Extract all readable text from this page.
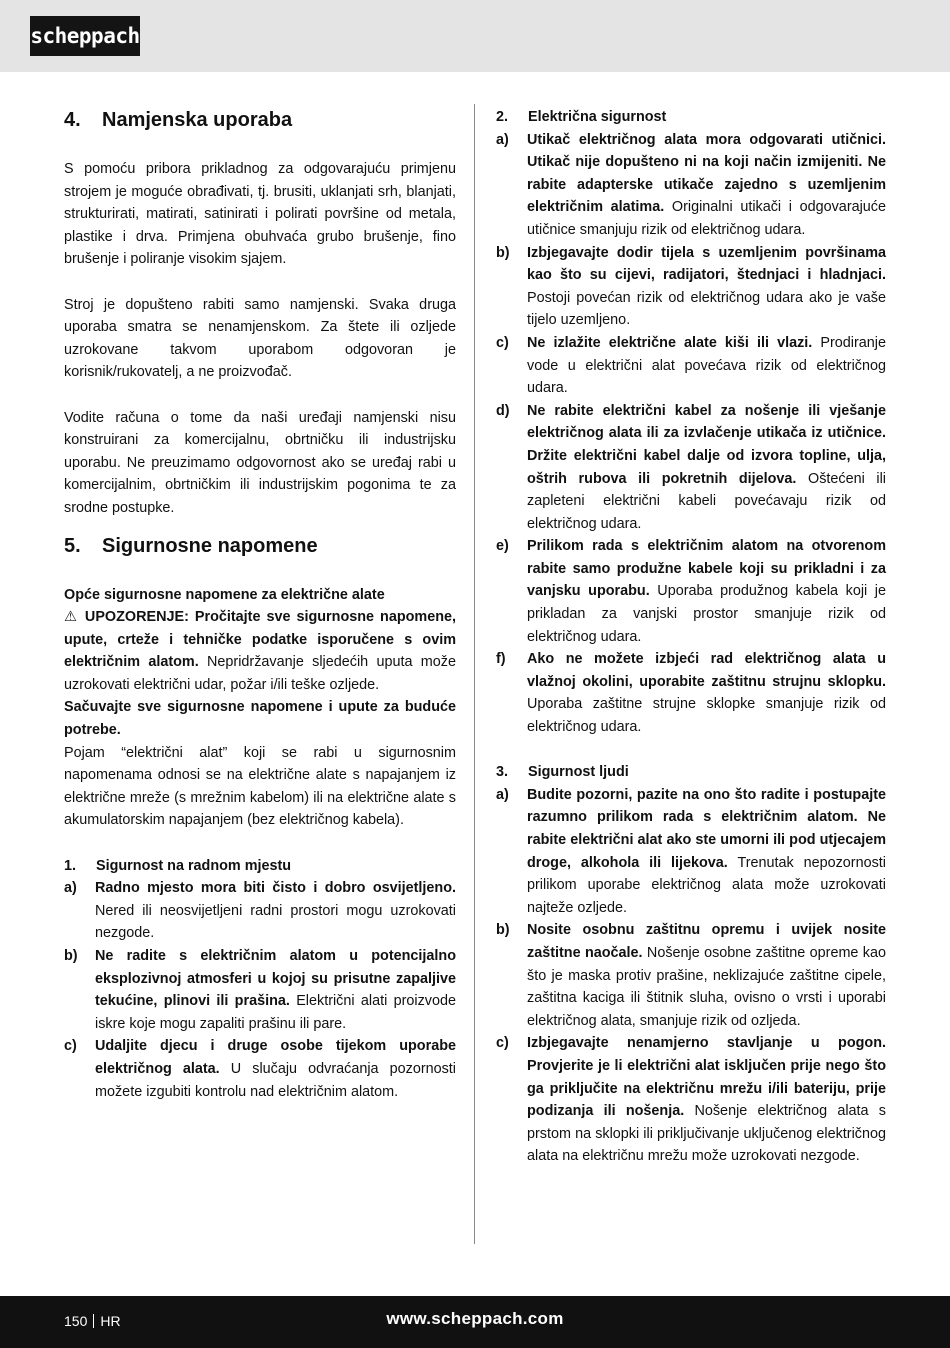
scheppach
4. Namjenska uporaba

S pomoću pribora prikladnog za odgovarajuću primjenu strojem je moguće obrađivati, tj. brusiti, uklanjati srh, blanjati, strukturirati, matirati, satinirati i polirati površine od metala, plastike i drva. Primjena obuhvaća grubo brušenje, fino brušenje i poliranje visokim sjajem.

Stroj je dopušteno rabiti samo namjenski. Svaka druga uporaba smatra se nenamjenskom. Za štete ili ozljede uzrokovane takvom uporabom odgovoran je korisnik/rukovatelj, a ne proizvođač.

Vodite računa o tome da naši uređaji namjenski nisu konstruirani za komercijalnu, obrtničku ili industrijsku uporabu. Ne preuzimamo odgovornost ako se uređaj rabi u komercijalnim, obrtničkim ili industrijskim pogonima te za srodne postupke.

5. Sigurnosne napomene

Opće sigurnosne napomene za električne alate

⚠ UPOZORENJE: Pročitajte sve sigurnosne napomene, upute, crteže i tehničke podatke isporučene s ovim električnim alatom. Nepridržavanje sljedećih uputa može uzrokovati električni udar, požar i/ili teške ozljede.

Sačuvajte sve sigurnosne napomene i upute za buduće potrebe.

Pojam “električni alat” koji se rabi u sigurnosnim napomenama odnosi se na električne alate s napajanjem iz električne mreže (s mrežnim kabelom) ili na električne alate s akumulatorskim napajanjem (bez električnog kabela).

1.	Sigurnost na radnom mjestu

a)	Radno mjesto mora biti čisto i dobro osvijetljeno. Nered ili neosvijetljeni radni prostori mogu uzrokovati nezgode.
b)	Ne radite s električnim alatom u potencijalno eksplozivnoj atmosferi u kojoj su prisutne zapaljive tekućine, plinovi ili prašina. Električni alati proizvode iskre koje mogu zapaliti prašinu ili pare.
c)	Udaljite djecu i druge osobe tijekom uporabe električnog alata. U slučaju odvraćanja pozornosti možete izgubiti kontrolu nad električnim alatom.

2.	Električna sigurnost

a)	Utikač električnog alata mora odgovarati utičnici. Utikač nije dopušteno ni na koji način izmijeniti. Ne rabite adapterske utikače zajedno s uzemljenim električnim alatima. Originalni utikači i odgovarajuće utičnice smanjuju rizik od električnog udara.
b)	Izbjegavajte dodir tijela s uzemljenim površinama kao što su cijevi, radijatori, štednjaci i hladnjaci. Postoji povećan rizik od električnog udara ako je vaše tijelo uzemljeno.
c)	Ne izlažite električne alate kiši ili vlazi. Prodiranje vode u električni alat povećava rizik od električnog udara.
d)	Ne rabite električni kabel za nošenje ili vješanje električnog alata ili za izvlačenje utikača iz utičnice. Držite električni kabel dalje od izvora topline, ulja, oštrih rubova ili pokretnih dijelova. Oštećeni ili zapleteni električni kabeli povećavaju rizik od električnog udara.
e)	Prilikom rada s električnim alatom na otvorenom rabite samo produžne kabele koji su prikladni i za vanjsku uporabu. Uporaba produžnog kabela koji je prikladan za vanjski prostor smanjuje rizik od električnog udara.
f)	Ako ne možete izbjeći rad električnog alata u vlažnoj okolini, uporabite zaštitnu strujnu sklopku. Uporaba zaštitne strujne sklopke smanjuje rizik od električnog udara.

3.	Sigurnost ljudi

a)	Budite pozorni, pazite na ono što radite i postupajte razumno prilikom rada s električnim alatom. Ne rabite električni alat ako ste umorni ili pod utjecajem droge, alkohola ili lijekova. Trenutak nepozornosti prilikom uporabe električnog alata može uzrokovati najteže ozljede.
b)	Nosite osobnu zaštitnu opremu i uvijek nosite zaštitne naočale. Nošenje osobne zaštitne opreme kao što je maska protiv prašine, neklizajuće zaštitne cipele, zaštitna kaciga ili štitnik sluha, ovisno o vrsti i uporabi električnog alata, smanjuje rizik od ozljeda.
c)	Izbjegavajte nenamjerno stavljanje u pogon. Provjerite je li električni alat isključen prije nego što ga priključite na električnu mrežu i/ili bateriju, prije podizanja ili nošenja. Nošenje električnog alata s prstom na sklopki ili priključivanje uključenog električnog alata na električnu mrežu može uzrokovati nezgode.
150 HR	www.scheppach.com
